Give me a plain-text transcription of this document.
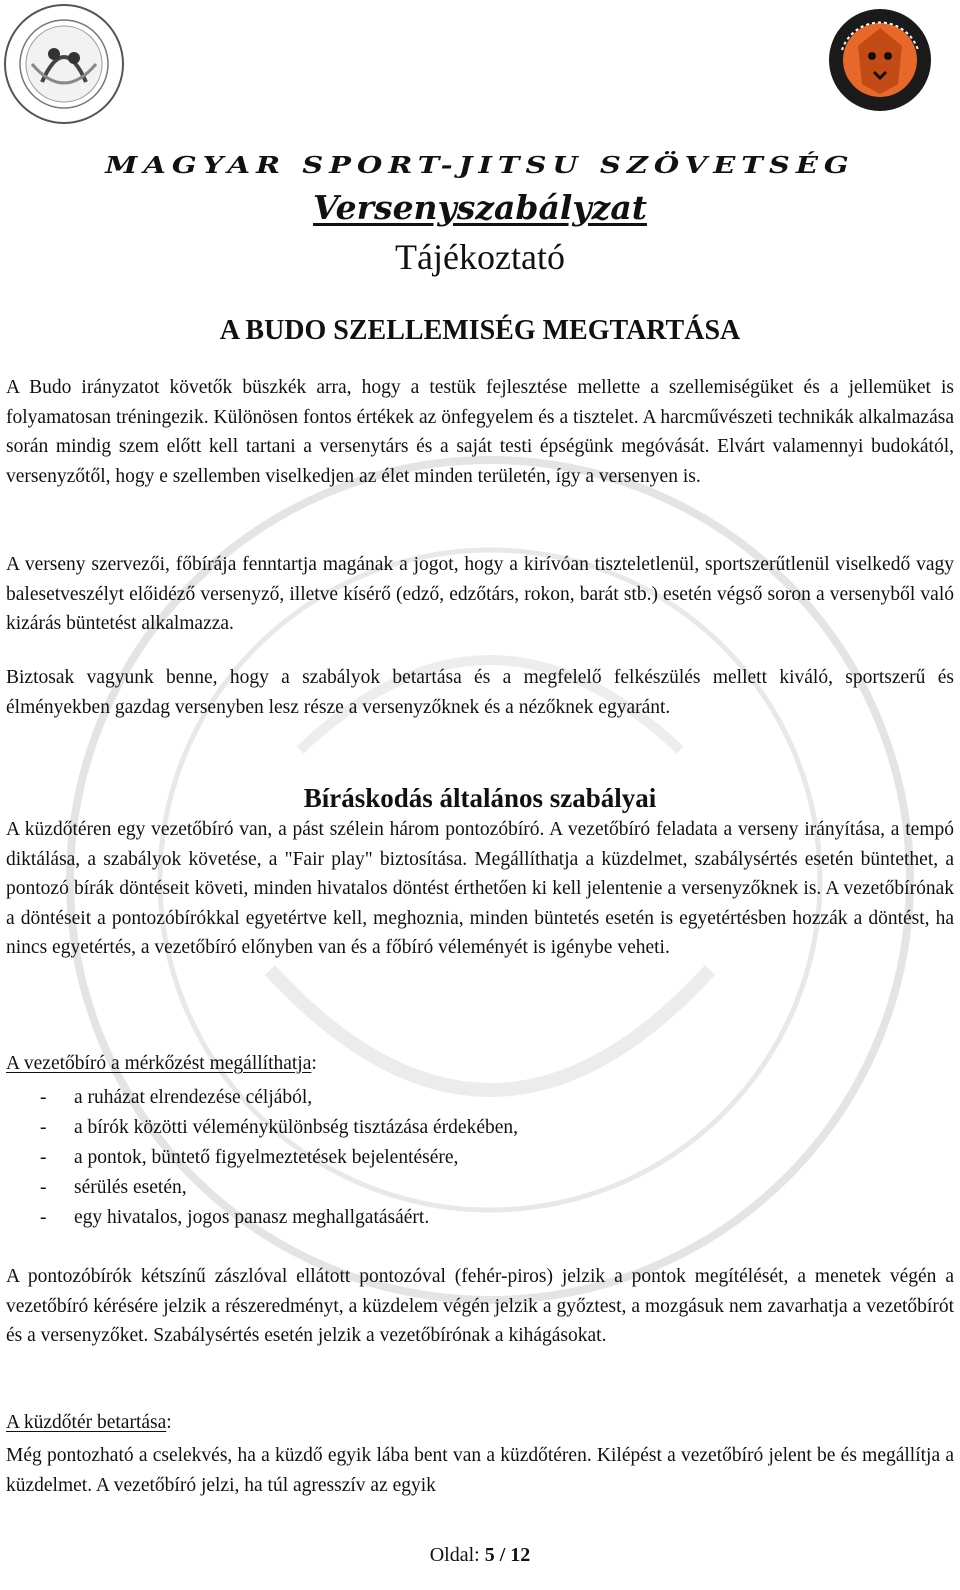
MAGYAR SPORT-JITSU SZÖVETSÉG
Versenyszabályzat
Tájékoztató
A BUDO SZELLEMISÉG MEGTARTÁSA

A Budo irányzatot követők büszkék arra, hogy a testük fejlesztése mellette a szellemiségüket és a jellemüket is folyamatosan tréningezik. Különösen fontos értékek az önfegyelem és a tisztelet. A harcművészeti technikák alkalmazása során mindig szem előtt kell tartani a versenytárs és a saját testi épségünk megóvását. Elvárt valamennyi budokától, versenyzőtől, hogy e szellemben viselkedjen az élet minden területén, így a versenyen is.

A verseny szervezői, főbírája fenntartja magának a jogot, hogy a kirívóan tiszteletlenül, sportszerűtlenül viselkedő vagy balesetveszélyt előidéző versenyző, illetve kísérő (edző, edzőtárs, rokon, barát stb.) esetén végső soron a versenyből való kizárás büntetést alkalmazza.

Biztosak vagyunk benne, hogy a szabályok betartása és a megfelelő felkészülés mellett kiváló, sportszerű és élményekben gazdag versenyben lesz része a versenyzőknek és a nézőknek egyaránt.

Bíráskodás általános szabályai

A küzdőtéren egy vezetőbíró van, a pást szélein három pontozóbíró. A vezetőbíró feladata a verseny irányítása, a tempó diktálása, a szabályok követése, a "Fair play" biztosítása. Megállíthatja a küzdelmet, szabálysértés esetén büntethet, a pontozó bírák döntéseit követi, minden hivatalos döntést érthetően ki kell jelentenie a versenyzőknek is. A vezetőbírónak a döntéseit a pontozóbírókkal egyetértve kell, meghoznia, minden büntetés esetén is egyetértésben hozzák a döntést, ha nincs egyetértés, a vezetőbíró előnyben van és a főbíró véleményét is igénybe veheti.

A vezetőbíró a mérkőzést megállíthatja:
- a ruházat elrendezése céljából,
- a bírók közötti véleménykülönbség tisztázása érdekében,
- a pontok, büntető figyelmeztetések bejelentésére,
- sérülés esetén,
- egy hivatalos, jogos panasz meghallgatásáért.

A pontozóbírók kétszínű zászlóval ellátott pontozóval (fehér-piros) jelzik a pontok megítélését, a menetek végén a vezetőbíró kérésére jelzik a részeredményt, a küzdelem végén jelzik a győztest, a mozgásuk nem zavarhatja a vezetőbírót és a versenyzőket. Szabálysértés esetén jelzik a vezetőbírónak a kihágásokat.

A küzdőtér betartása:

Még pontozható a cselekvés, ha a küzdő egyik lába bent van a küzdőtéren. Kilépést a vezetőbíró jelent be és megállítja a küzdelmet. A vezetőbíró jelzi, ha túl agresszív az egyik

Oldal: 5 / 12
